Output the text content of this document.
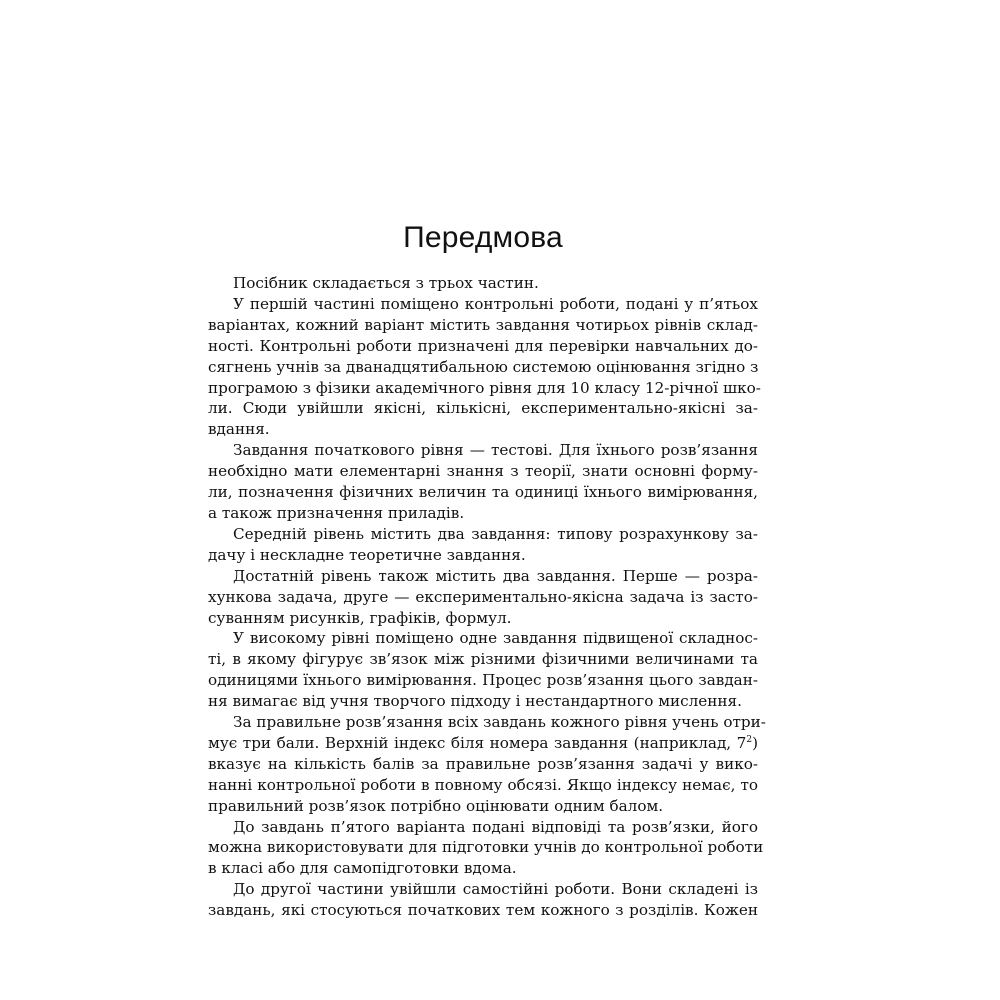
Передмова

Посібник складається з трьох частин.

У першій частині поміщено контрольні роботи, подані у п’ятьох
варіантах, кожний варіант містить завдання чотирьох рівнів склад-
ності. Контрольні роботи призначені для перевірки навчальних до-
сягнень учнів за дванадцятибальною системою оцінювання згідно з
програмою з фізики академічного рівня для 10 класу 12-річної шко-
ли. Сюди увійшли якісні, кількісні, експериментально-якісні за-
вдання.

Завдання початкового рівня — тестові. Для їхнього розв’язання
необхідно мати елементарні знання з теорії, знати основні форму-
ли, позначення фізичних величин та одиниці їхнього вимірювання,
а також призначення приладів.

Середній рівень містить два завдання: типову розрахункову за-
дачу і нескладне теоретичне завдання.

Достатній рівень також містить два завдання. Перше — розра-
хункова задача, друге — експериментально-якісна задача із засто-
суванням рисунків, графіків, формул.

У високому рівні поміщено одне завдання підвищеної складнос-
ті, в якому фігурує зв’язок між різними фізичними величинами та
одиницями їхнього вимірювання. Процес розв’язання цього завдан-
ня вимагає від учня творчого підходу і нестандартного мислення.

За правильне розв’язання всіх завдань кожного рівня учень отри-
мує три бали. Верхній індекс біля номера завдання (наприклад, $7^2$)
вказує на кількість балів за правильне розв’язання задачі у вико-
нанні контрольної роботи в повному обсязі. Якщо індексу немає, то
правильний розв’язок потрібно оцінювати одним балом.

До завдань п’ятого варіанта подані відповіді та розв’язки, його
можна використовувати для підготовки учнів до контрольної роботи
в класі або для самопідготовки вдома.

До другої частини увійшли самостійні роботи. Вони складені із
завдань, які стосуються початкових тем кожного з розділів. Кожен
